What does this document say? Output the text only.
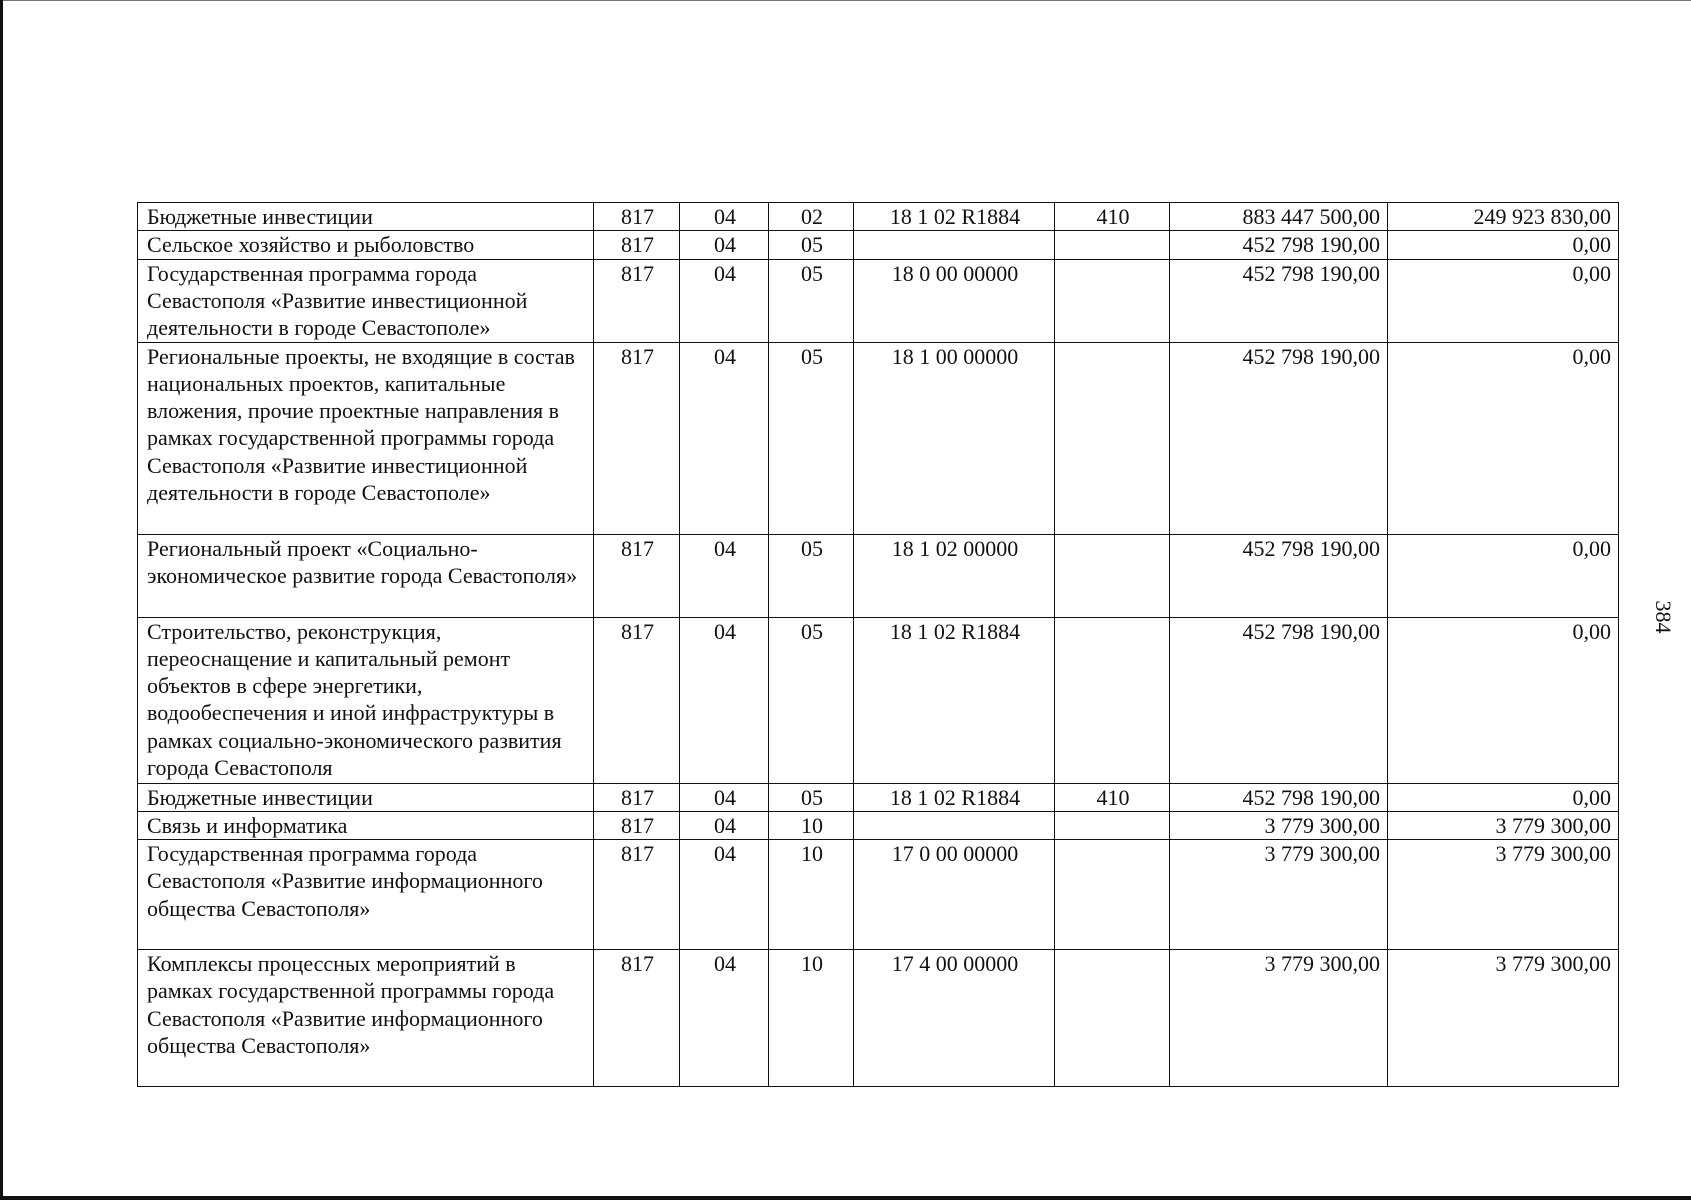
Бюджетные инвестиции	817	04	02	18 1 02 R1884	410	883 447 500,00	249 923 830,00
Сельское хозяйство и рыболовство	817	04	05			452 798 190,00	0,00
Государственная программа города Севастополя «Развитие инвестиционной деятельности в городе Севастополе»	817	04	05	18 0 00 00000		452 798 190,00	0,00
Региональные проекты, не входящие в состав национальных проектов, капитальные вложения, прочие проектные направления в рамках государственной программы города Севастополя «Развитие инвестиционной деятельности в городе Севастополе»	817	04	05	18 1 00 00000		452 798 190,00	0,00
Региональный проект «Социально-экономическое развитие города Севастополя»	817	04	05	18 1 02 00000		452 798 190,00	0,00
Строительство, реконструкция, переоснащение и капитальный ремонт объектов в сфере энергетики, водообеспечения и иной инфраструктуры в рамках социально-экономического развития города Севастополя	817	04	05	18 1 02 R1884		452 798 190,00	0,00
Бюджетные инвестиции	817	04	05	18 1 02 R1884	410	452 798 190,00	0,00
Связь и информатика	817	04	10			3 779 300,00	3 779 300,00
Государственная программа города Севастополя «Развитие информационного общества Севастополя»	817	04	10	17 0 00 00000		3 779 300,00	3 779 300,00
Комплексы процессных мероприятий в рамках государственной программы города Севастополя «Развитие информационного общества Севастополя»	817	04	10	17 4 00 00000		3 779 300,00	3 779 300,00
384
